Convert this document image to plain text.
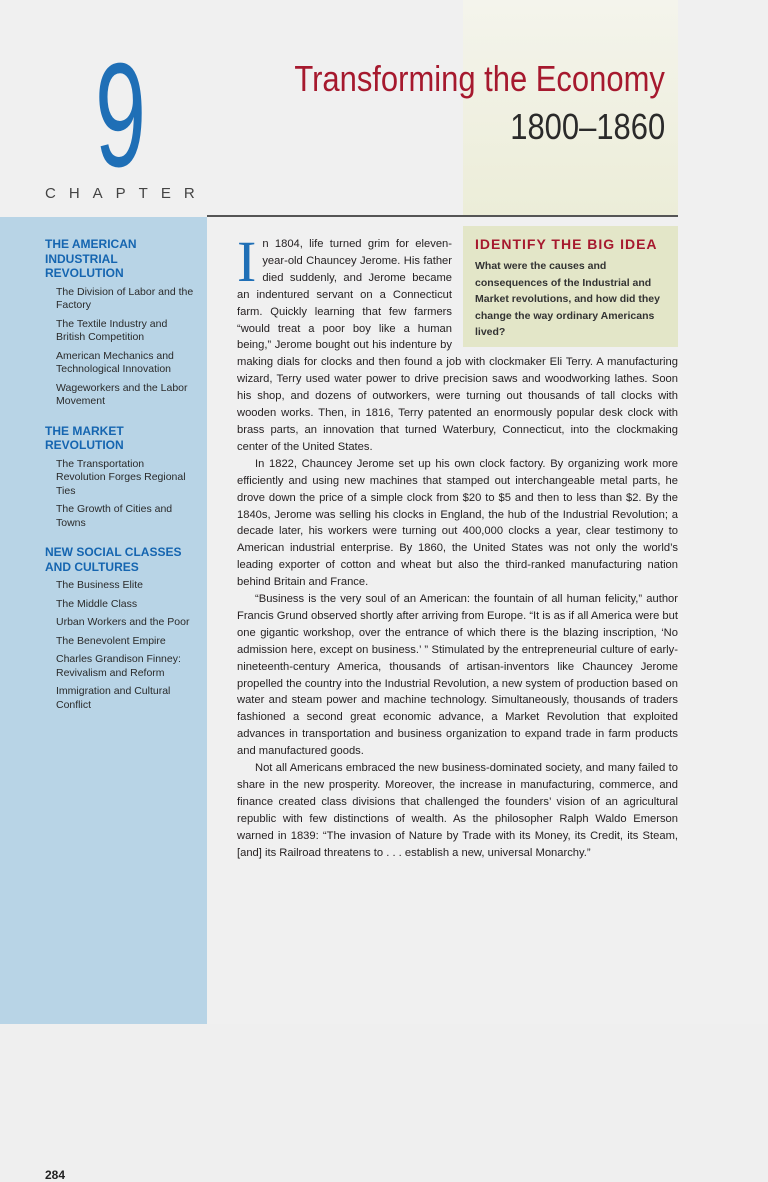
9
CHAPTER
Transforming the Economy
1800–1860
THE AMERICAN INDUSTRIAL REVOLUTION
The Division of Labor and the Factory
The Textile Industry and British Competition
American Mechanics and Technological Innovation
Wageworkers and the Labor Movement
THE MARKET REVOLUTION
The Transportation Revolution Forges Regional Ties
The Growth of Cities and Towns
NEW SOCIAL CLASSES AND CULTURES
The Business Elite
The Middle Class
Urban Workers and the Poor
The Benevolent Empire
Charles Grandison Finney: Revivalism and Reform
Immigration and Cultural Conflict
284
IDENTIFY THE BIG IDEA

What were the causes and consequences of the Industrial and Market revolutions, and how did they change the way ordinary Americans lived?

In 1804, life turned grim for eleven-year-old Chauncey Jerome. His father died suddenly, and Jerome became an indentured servant on a Connecticut farm. Quickly learning that few farmers “would treat a poor boy like a human being,” Jerome bought out his indenture by making dials for clocks and then found a job with clockmaker Eli Terry. A manufacturing wizard, Terry used water power to drive precision saws and woodworking lathes. Soon his shop, and dozens of outworkers, were turning out thousands of tall clocks with wooden works. Then, in 1816, Terry patented an enormously popular desk clock with brass parts, an innovation that turned Waterbury, Connecticut, into the clockmaking center of the United States.

In 1822, Chauncey Jerome set up his own clock factory. By organizing work more efficiently and using new machines that stamped out interchangeable metal parts, he drove down the price of a simple clock from $20 to $5 and then to less than $2. By the 1840s, Jerome was selling his clocks in England, the hub of the Industrial Revolution; a decade later, his workers were turning out 400,000 clocks a year, clear testimony to American industrial enterprise. By 1860, the United States was not only the world’s leading exporter of cotton and wheat but also the third-ranked manufacturing nation behind Britain and France.

“Business is the very soul of an American: the fountain of all human felicity,” author Francis Grund observed shortly after arriving from Europe. “It is as if all America were but one gigantic workshop, over the entrance of which there is the blazing inscription, ‘No admission here, except on business.’ ” Stimulated by the entrepreneurial culture of early-nineteenth-century America, thousands of artisan-inventors like Chauncey Jerome propelled the country into the Industrial Revolution, a new system of production based on water and steam power and machine technology. Simultaneously, thousands of traders fashioned a second great economic advance, a Market Revolution that exploited advances in transportation and business organization to expand trade in farm products and manufactured goods.

Not all Americans embraced the new business-dominated society, and many failed to share in the new prosperity. Moreover, the increase in manufacturing, commerce, and finance created class divisions that challenged the founders’ vision of an agricultural republic with few distinctions of wealth. As the philosopher Ralph Waldo Emerson warned in 1839: “The invasion of Nature by Trade with its Money, its Credit, its Steam, [and] its Railroad threatens to . . . establish a new, universal Monarchy.”
